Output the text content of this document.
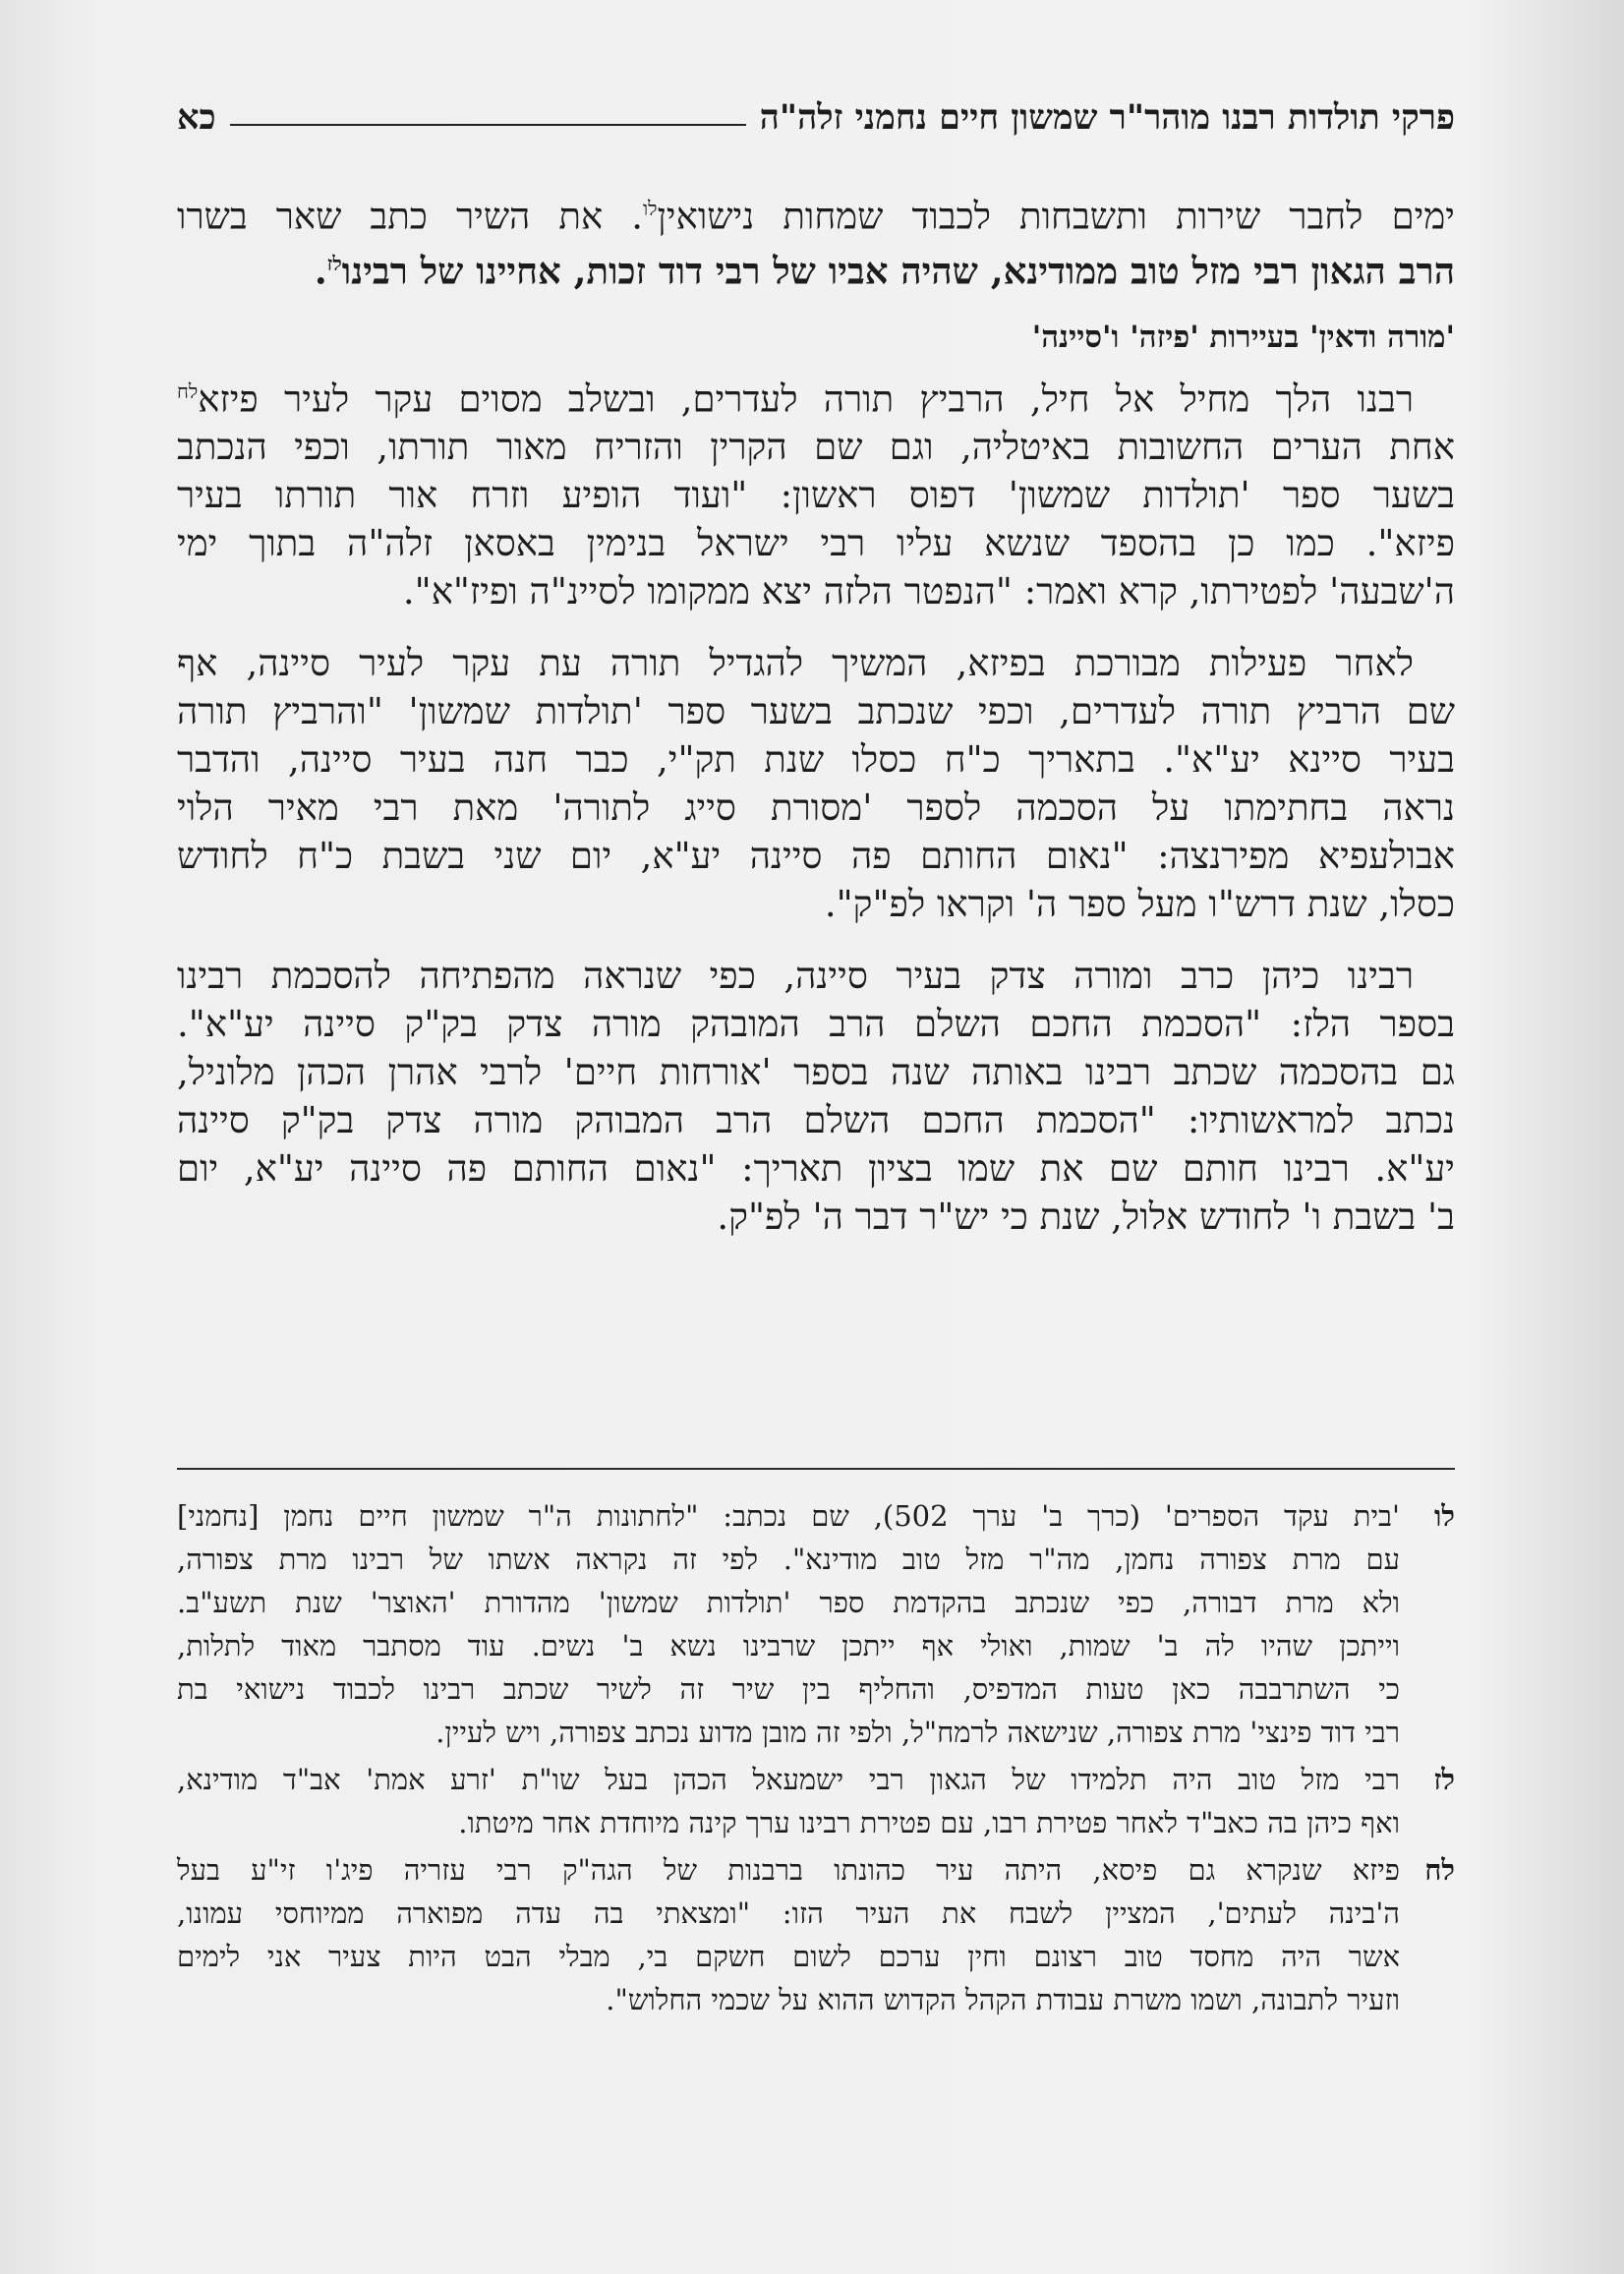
פרקי תולדות רבנו מוהר"ר שמשון חיים נחמני זלה"ה
כא

ימים לחבר שירות ותשבחות לכבוד שמחות נישואין$^{לו}$. את השיר כתב שאר בשרו
הרב הגאון רבי מזל טוב ממודינא, שהיה אביו של רבי דוד זכות, אחיינו של רבינו$^{לז}$.

'מורה ודאין' בעיירות 'פיזה' ו'סיינה'

רבנו הלך מחיל אל חיל, הרביץ תורה לעדרים, ובשלב מסוים עקר לעיר פיזא$^{לח}$
אחת הערים החשובות באיטליה, וגם שם הקרין והזריח מאור תורתו, וכפי הנכתב
בשער ספר 'תולדות שמשון' דפוס ראשון: "ועוד הופיע וזרח אור תורתו בעיר
פיזא". כמו כן בהספד שנשא עליו רבי ישראל בנימין באסאן זלה"ה בתוך ימי
ה'שבעה' לפטירתו, קרא ואמר: "הנפטר הלזה יצא ממקומו לסיינ"ה ופיז"א".

לאחר פעילות מבורכת בפיזא, המשיך להגדיל תורה עת עקר לעיר סיינה, אף
שם הרביץ תורה לעדרים, וכפי שנכתב בשער ספר 'תולדות שמשון' "והרביץ תורה
בעיר סיינא יע"א". בתאריך כ"ח כסלו שנת תק"י, כבר חנה בעיר סיינה, והדבר
נראה בחתימתו על הסכמה לספר 'מסורת סייג לתורה' מאת רבי מאיר הלוי
אבולעפיא מפירנצה: "נאום החותם פה סיינה יע"א, יום שני בשבת כ"ח לחודש
כסלו, שנת דרש"ו מעל ספר ה' וקראו לפ"ק".

רבינו כיהן כרב ומורה צדק בעיר סיינה, כפי שנראה מהפתיחה להסכמת רבינו
בספר הלז: "הסכמת החכם השלם הרב המובהק מורה צדק בק"ק סיינה יע"א".
גם בהסכמה שכתב רבינו באותה שנה בספר 'אורחות חיים' לרבי אהרן הכהן מלוניל,
נכתב למראשותיו: "הסכמת החכם השלם הרב המבוהק מורה צדק בק"ק סיינה
יע"א. רבינו חותם שם את שמו בציון תאריך: "נאום החותם פה סיינה יע"א, יום
ב' בשבת ו' לחודש אלול, שנת כי יש"ר דבר ה' לפ"ק.

לו
'בית עקד הספרים' (כרך ב' ערך 502), שם נכתב: "לחתונות ה"ר שמשון חיים נחמן [נחמני]
עם מרת צפורה נחמן, מה"ר מזל טוב מודינא". לפי זה נקראה אשתו של רבינו מרת צפורה,
ולא מרת דבורה, כפי שנכתב בהקדמת ספר 'תולדות שמשון' מהדורת 'האוצר' שנת תשע"ב.
וייתכן שהיו לה ב' שמות, ואולי אף ייתכן שרבינו נשא ב' נשים. עוד מסתבר מאוד לתלות,
כי השתרבבה כאן טעות המדפיס, והחליף בין שיר זה לשיר שכתב רבינו לכבוד נישואי בת
רבי דוד פינצי' מרת צפורה, שנישאה לרמח"ל, ולפי זה מובן מדוע נכתב צפורה, ויש לעיין.
לז
רבי מזל טוב היה תלמידו של הגאון רבי ישמעאל הכהן בעל שו"ת 'זרע אמת' אב"ד מודינא,
ואף כיהן בה כאב"ד לאחר פטירת רבו, עם פטירת רבינו ערך קינה מיוחדת אחר מיטתו.
לח
פיזא שנקרא גם פיסא, היתה עיר כהונתו ברבנות של הגה"ק רבי עזריה פיג'ו זי"ע בעל
ה'בינה לעתים', המציין לשבח את העיר הזו: "ומצאתי בה עדה מפוארה ממיוחסי עמונו,
אשר היה מחסד טוב רצונם וחין ערכם לשום חשקם בי, מבלי הבט היות צעיר אני לימים
וזעיר לתבונה, ושמו משרת עבודת הקהל הקדוש ההוא על שכמי החלוש".
